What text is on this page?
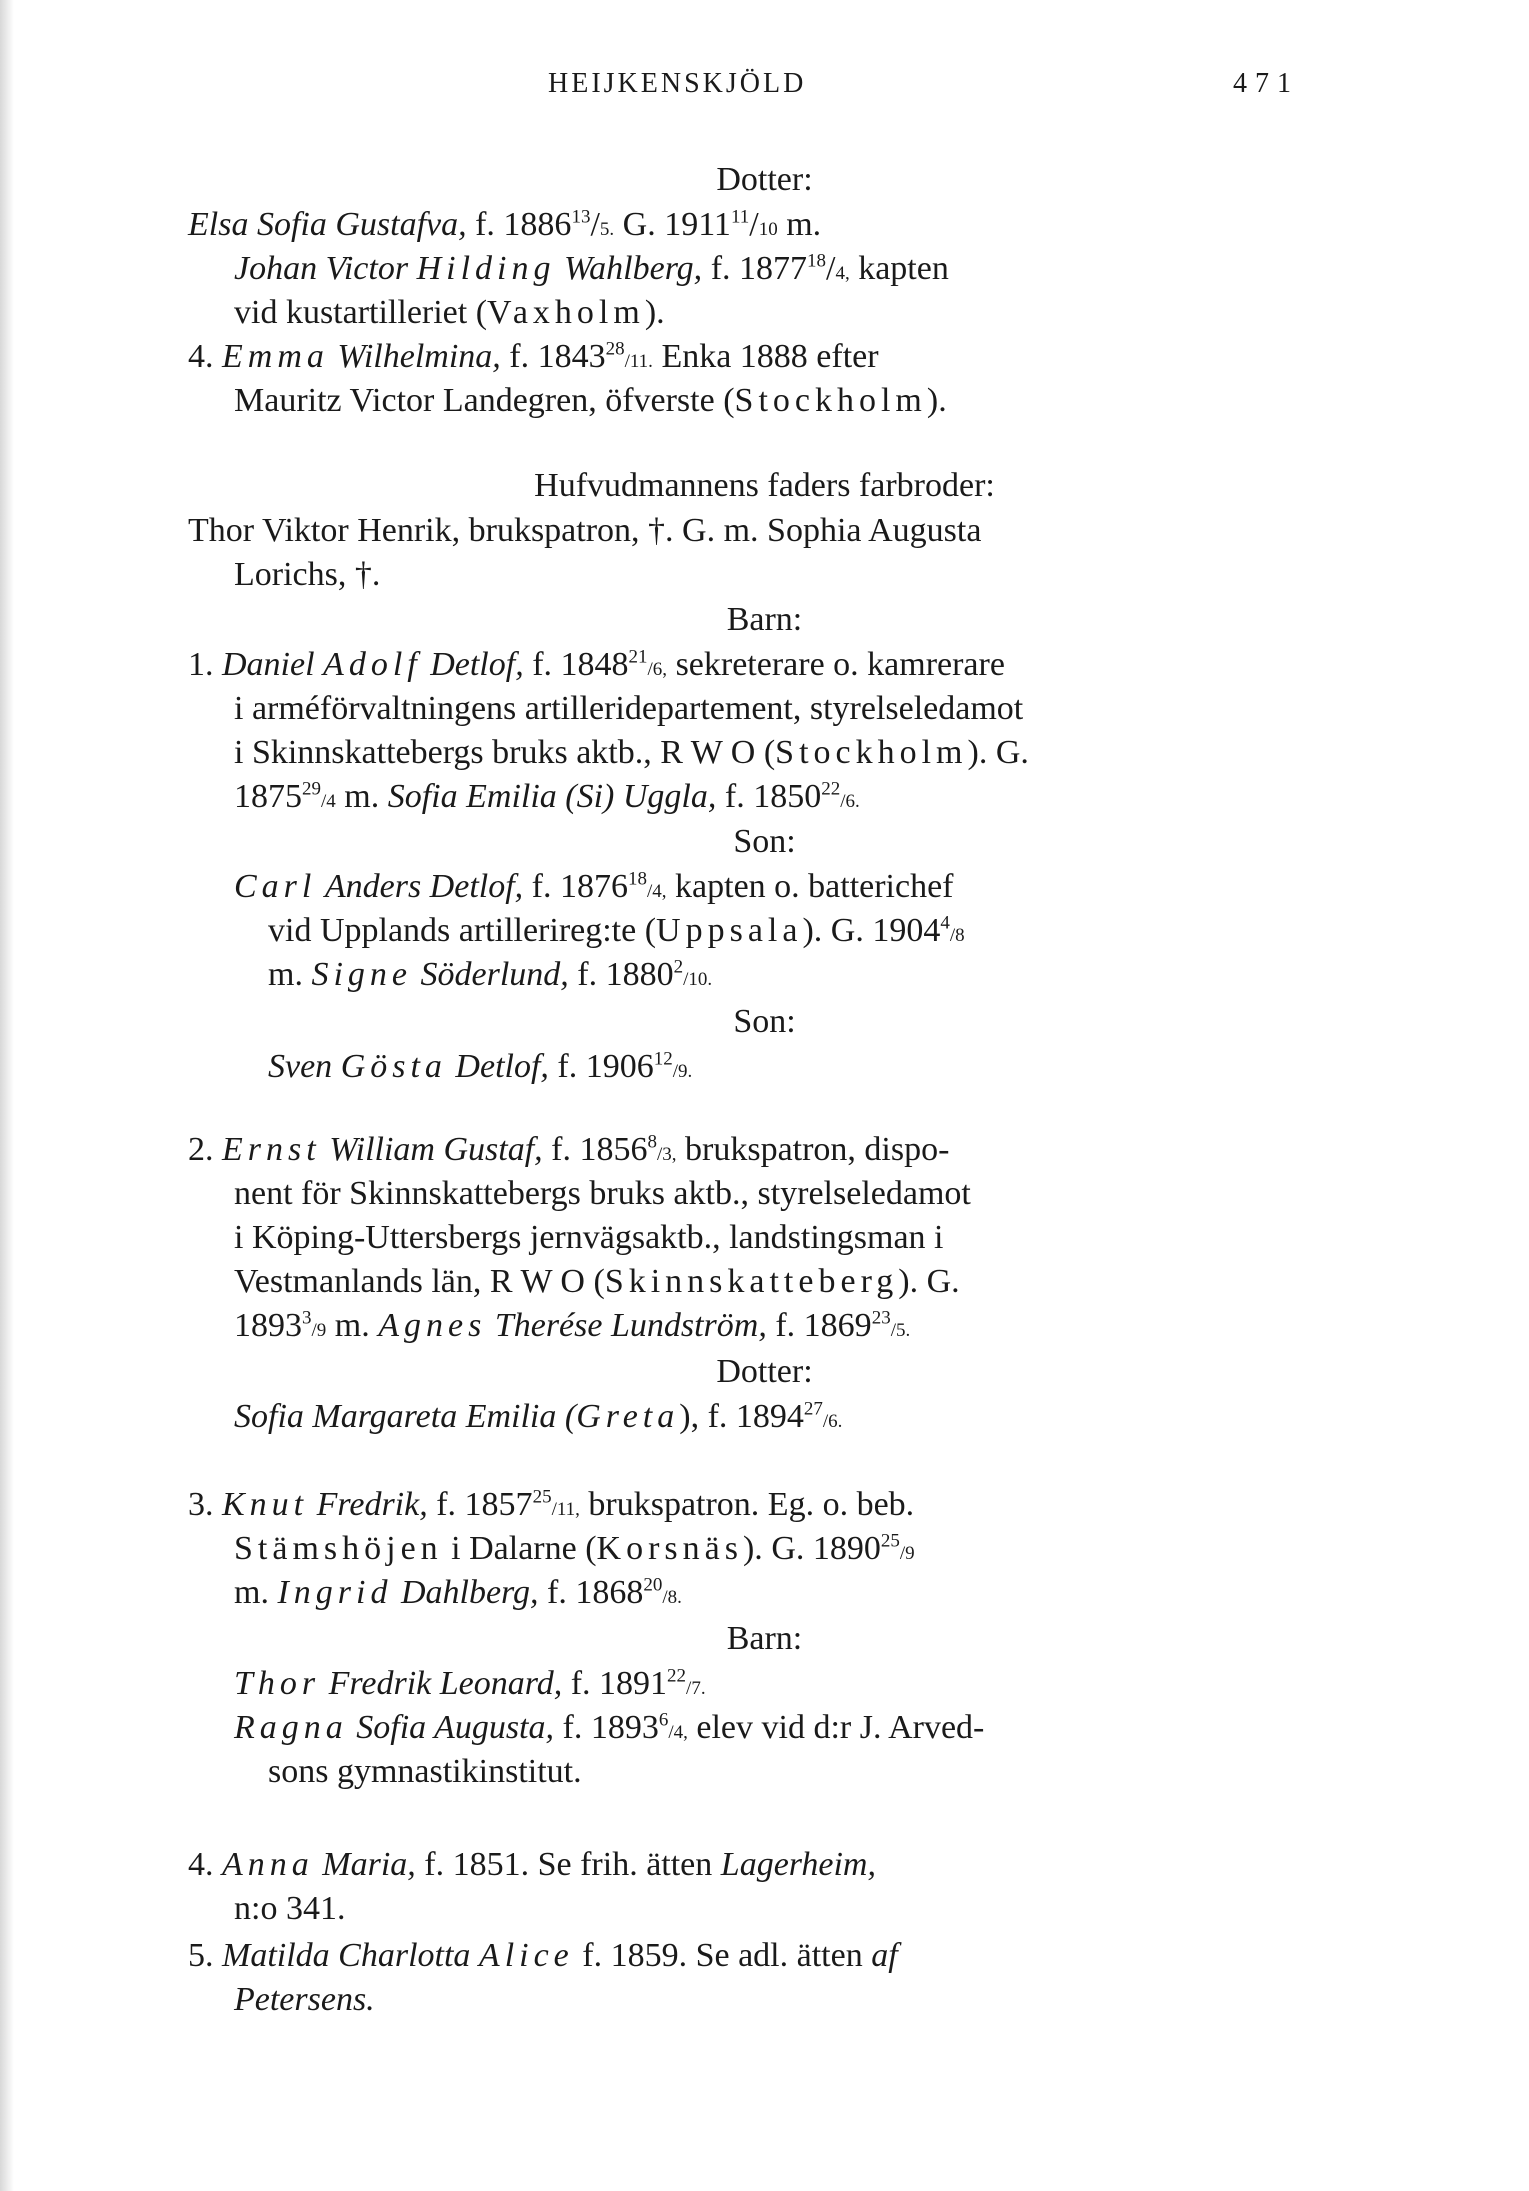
HEIJKENSKJÖLD	471
Dotter:
Elsa Sofia Gustafva, f. 1886$^{13}$/5. G. 1911$^{11}$/10 m.
Johan Victor Hilding Wahlberg, f. 1877$^{18}$/4, kapten
vid kustartilleriet (Vaxholm).
4. Emma Wilhelmina, f. 1843$^{28}$/11. Enka 1888 efter
Mauritz Victor Landegren, öfverste (Stockholm).
Hufvudmannens faders farbroder:
Thor Viktor Henrik, brukspatron, †. G. m. Sophia Augusta
Lorichs, †.
Barn:
1. Daniel Adolf Detlof, f. 1848$^{21}$/6, sekreterare o. kamrerare
i arméförvaltningens artilleridepartement, styrelseledamot
i Skinnskattebergs bruks aktb., R W O (Stockholm). G.
1875$^{29}$/4 m. Sofia Emilia (Si) Uggla, f. 1850$^{22}$/6.
Son:
Carl Anders Detlof, f. 1876$^{18}$/4, kapten o. batterichef
vid Upplands artillerireg:te (Uppsala). G. 1904$^4$/8
m. Signe Söderlund, f. 1880$^2$/10.
Son:
Sven Gösta Detlof, f. 1906$^{12}$/9.
2. Ernst William Gustaf, f. 1856$^8$/3, brukspatron, dispo-
nent för Skinnskattebergs bruks aktb., styrelseledamot
i Köping-Uttersbergs jernvägsaktb., landstingsman i
Vestmanlands län, R W O (Skinnskatteberg). G.
1893$^3$/9 m. Agnes Therése Lundström, f. 1869$^{23}$/5.
Dotter:
Sofia Margareta Emilia (Greta), f. 1894$^{27}$/6.
3. Knut Fredrik, f. 1857$^{25}$/11, brukspatron. Eg. o. beb.
Stämshöjen i Dalarne (Korsnäs). G. 1890$^{25}$/9
m. Ingrid Dahlberg, f. 1868$^{20}$/8.
Barn:
Thor Fredrik Leonard, f. 1891$^{22}$/7.
Ragna Sofia Augusta, f. 1893$^6$/4, elev vid d:r J. Arved-
sons gymnastikinstitut.
4. Anna Maria, f. 1851. Se frih. ätten Lagerheim,
n:o 341.
5. Matilda Charlotta Alice f. 1859. Se adl. ätten af
Petersens.
